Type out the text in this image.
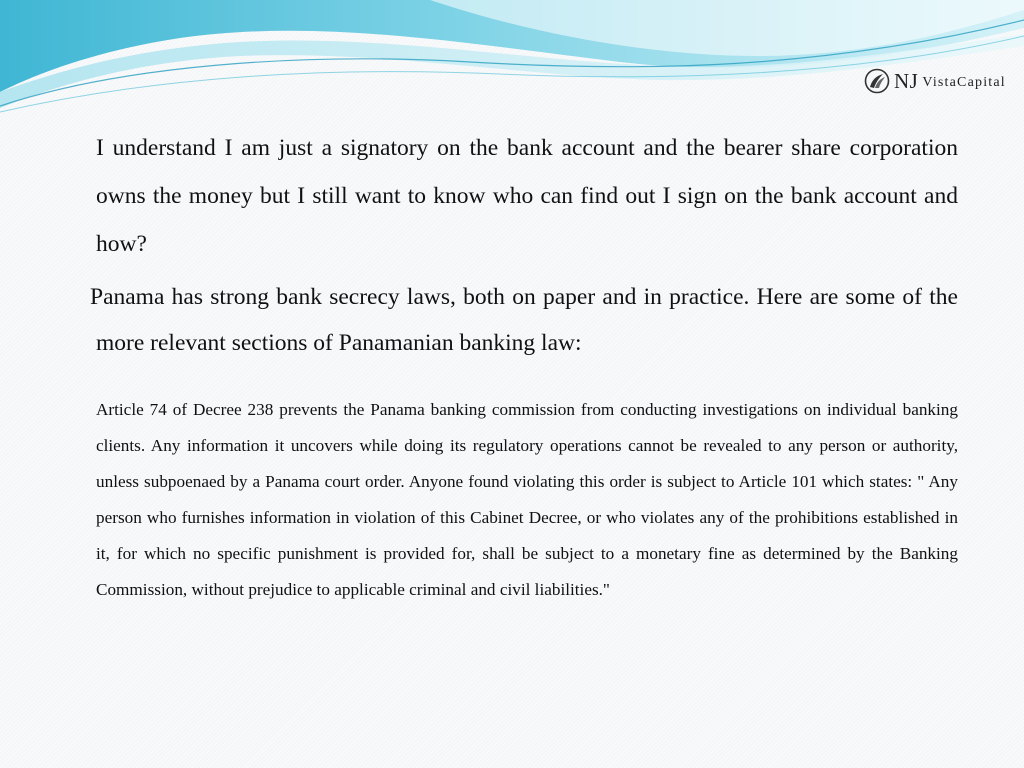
NJ VistaCapital

I understand I am just a signatory on the bank account and the bearer share corporation owns the money but I still want to know who can find out I sign on the bank account and how?

Panama has strong bank secrecy laws, both on paper and in practice. Here are some of the more relevant sections of Panamanian banking law:

Article 74 of Decree 238 prevents the Panama banking commission from conducting investigations on individual banking clients. Any information it uncovers while doing its regulatory operations cannot be revealed to any person or authority, unless subpoenaed by a Panama court order. Anyone found violating this order is subject to Article 101 which states: " Any person who furnishes information in violation of this Cabinet Decree, or who violates any of the prohibitions established in it, for which no specific punishment is provided for, shall be subject to a monetary fine as determined by the Banking Commission, without prejudice to applicable criminal and civil liabilities."
